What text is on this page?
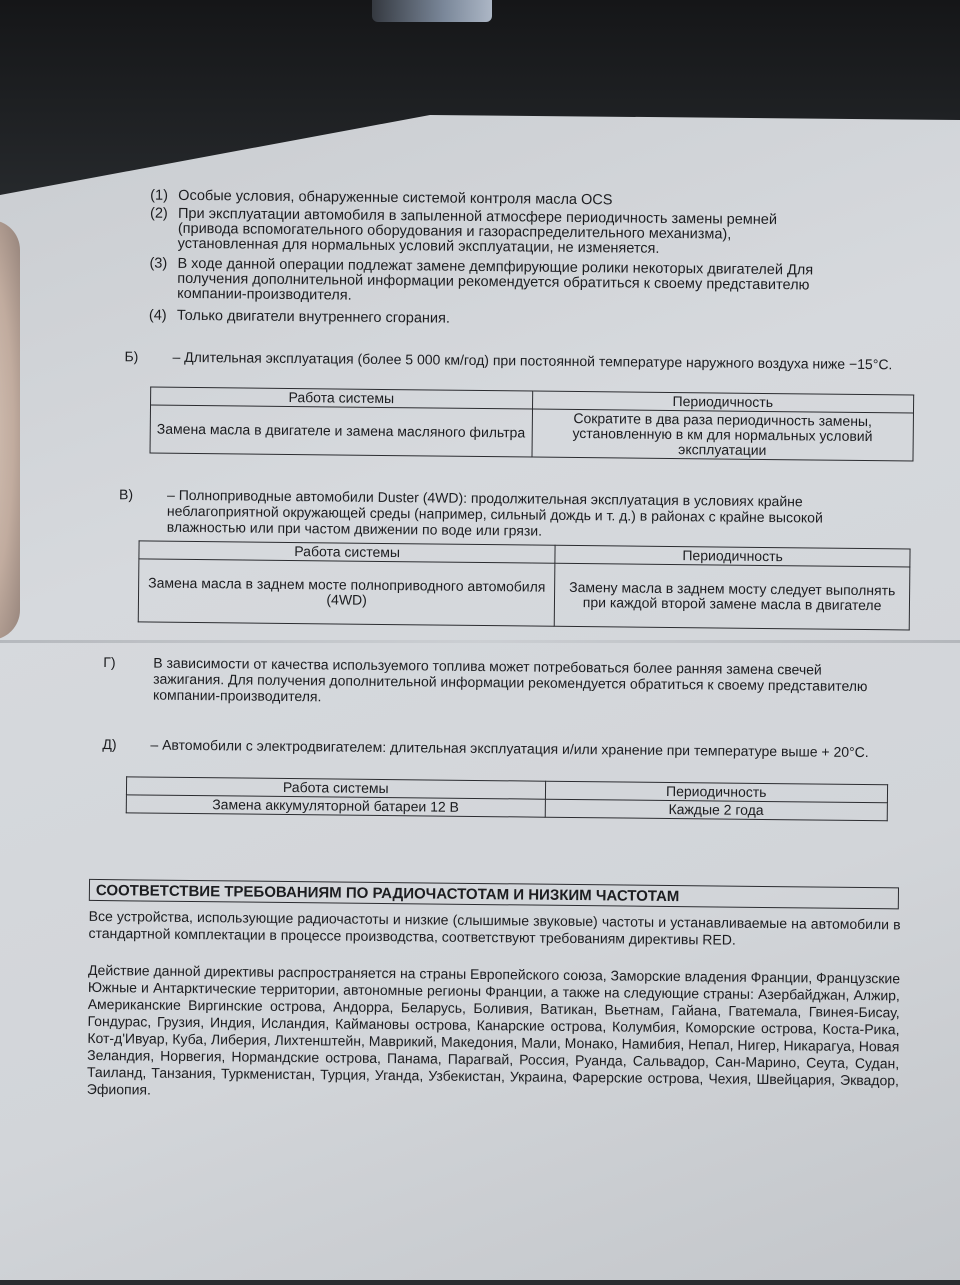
(1) Особые условия, обнаруженные системой контроля масла OCS
(2) При эксплуатации автомобиля в запыленной атмосфере периодичность замены ремней (привода вспомогательного оборудования и газораспределительного механизма), установленная для нормальных условий эксплуатации, не изменяется.
(3) В ходе данной операции подлежат замене демпфирующие ролики некоторых двигателей Для получения дополнительной информации рекомендуется обратиться к своему представителю компании-производителя.
(4) Только двигатели внутреннего сгорания.
Б) – Длительная эксплуатация (более 5 000 км/год) при постоянной температуре наружного воздуха ниже −15°C.
Работа системы	Периодичность
Замена масла в двигателе и замена масляного фильтра	Сократите в два раза периодичность замены, установленную в км для нормальных условий эксплуатации
В) – Полноприводные автомобили Duster (4WD): продолжительная эксплуатация в условиях крайне неблагоприятной окружающей среды (например, сильный дождь и т. д.) в районах с крайне высокой влажностью или при частом движении по воде или грязи.
Работа системы	Периодичность
Замена масла в заднем мосте полноприводного автомобиля (4WD)	Замену масла в заднем мосту следует выполнять при каждой второй замене масла в двигателе
Г)	В зависимости от качества используемого топлива может потребоваться более ранняя замена свечей зажигания. Для получения дополнительной информации рекомендуется обратиться к своему представителю компании-производителя.
Д) – Автомобили с электродвигателем: длительная эксплуатация и/или хранение при температуре выше + 20°C.
Работа системы	Периодичность
Замена аккумуляторной батареи 12 В	Каждые 2 года
СООТВЕТСТВИЕ ТРЕБОВАНИЯМ ПО РАДИОЧАСТОТАМ И НИЗКИМ ЧАСТОТАМ
Все устройства, использующие радиочастоты и низкие (слышимые звуковые) частоты и устанавливаемые на автомобили в стандартной комплектации в процессе производства, соответствуют требованиям директивы RED.
Действие данной директивы распространяется на страны Европейского союза, Заморские владения Франции, Французские Южные и Антарктические территории, автономные регионы Франции, а также на следующие страны: Азербайджан, Алжир, Американские Виргинские острова, Андорра, Беларусь, Боливия, Ватикан, Вьетнам, Гайана, Гватемала, Гвинея-Бисау, Гондурас, Грузия, Индия, Исландия, Каймановы острова, Канарские острова, Колумбия, Коморские острова, Коста-Рика, Кот-д'Ивуар, Куба, Либерия, Лихтенштейн, Маврикий, Македония, Мали, Монако, Намибия, Непал, Нигер, Никарагуа, Новая Зеландия, Норвегия, Нормандские острова, Панама, Парагвай, Россия, Руанда, Сальвадор, Сан-Марино, Сеута, Судан, Таиланд, Танзания, Туркменистан, Турция, Уганда, Узбекистан, Украина, Фарерские острова, Чехия, Швейцария, Эквадор, Эфиопия.
